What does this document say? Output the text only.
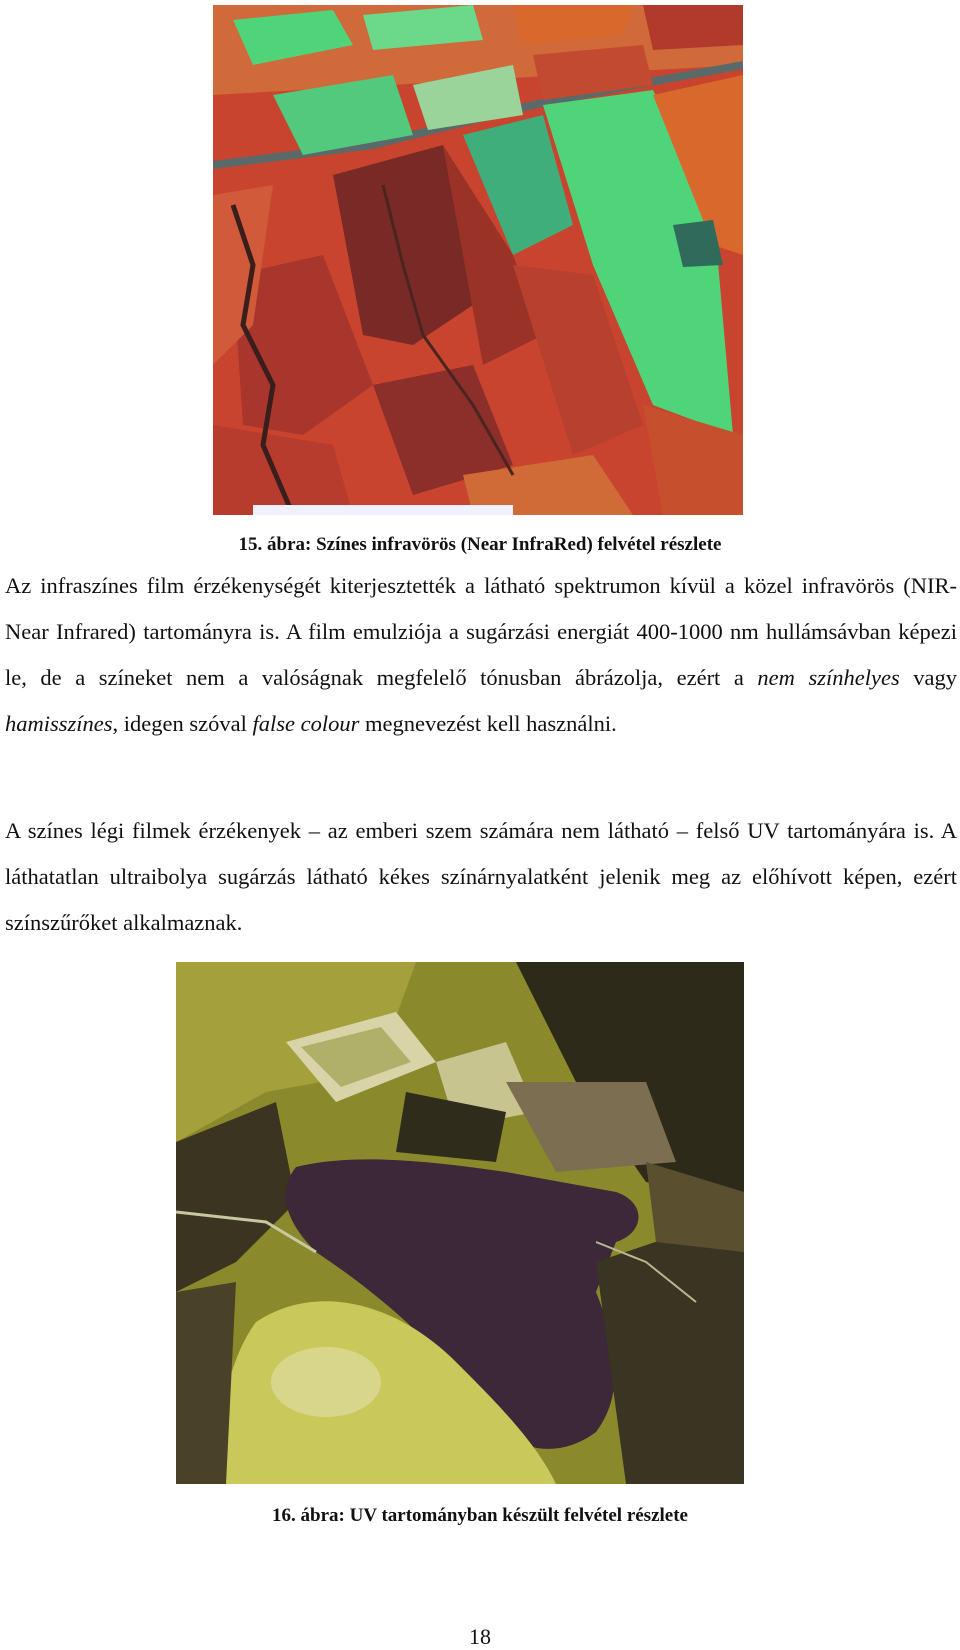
15. ábra: Színes infravörös (Near InfraRed) felvétel részlete

Az infraszínes film érzékenységét kiterjesztették a látható spektrumon kívül a közel infravörös (NIR-Near Infrared) tartományra is. A film emulziója a sugárzási energiát 400-1000 nm hullámsávban képezi le, de a színeket nem a valóságnak megfelelő tónusban ábrázolja, ezért a nem színhelyes vagy hamisszínes, idegen szóval false colour megnevezést kell használni.

A színes légi filmek érzékenyek – az emberi szem számára nem látható – felső UV tartományára is. A láthatatlan ultraibolya sugárzás látható kékes színárnyalatként jelenik meg az előhívott képen, ezért színszűrőket alkalmaznak.

16. ábra: UV tartományban készült felvétel részlete
18
